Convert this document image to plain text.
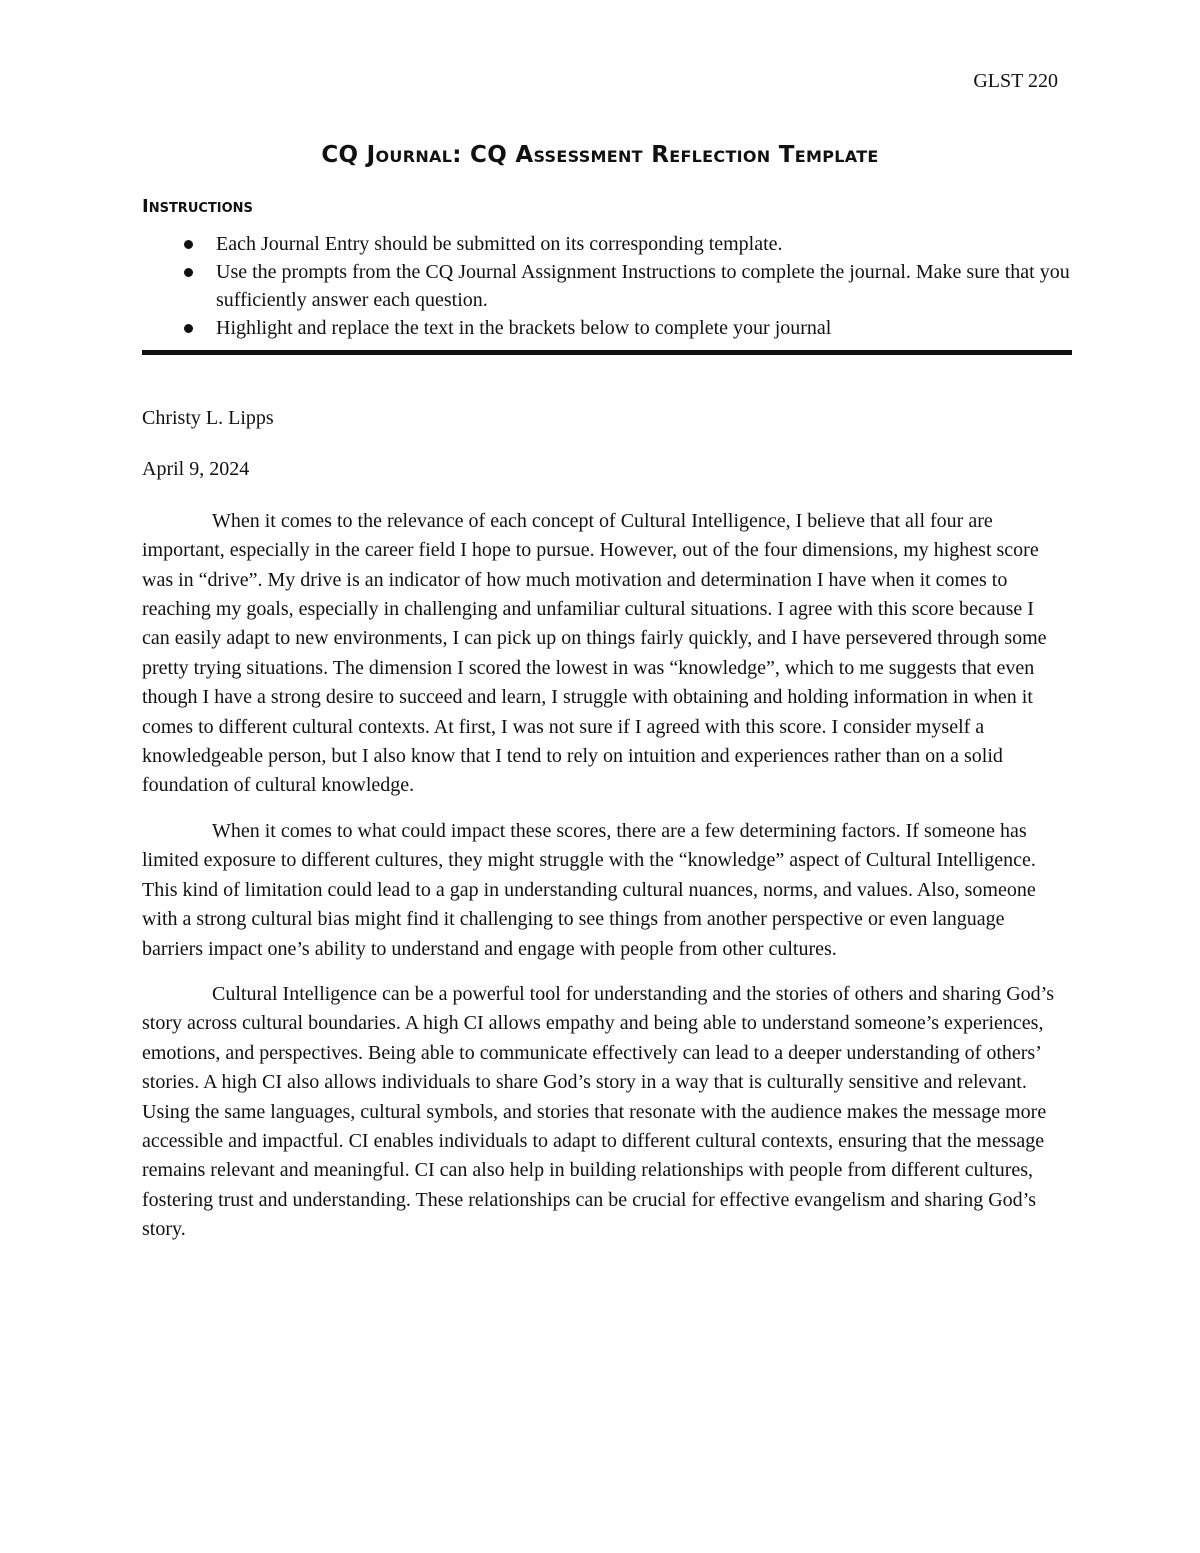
GLST 220
CQ Journal: CQ Assessment Reflection Template
Instructions
Each Journal Entry should be submitted on its corresponding template.
Use the prompts from the CQ Journal Assignment Instructions to complete the journal. Make sure that you sufficiently answer each question.
Highlight and replace the text in the brackets below to complete your journal

Christy L. Lipps

April 9, 2024

When it comes to the relevance of each concept of Cultural Intelligence, I believe that all four are important, especially in the career field I hope to pursue. However, out of the four dimensions, my highest score was in “drive”. My drive is an indicator of how much motivation and determination I have when it comes to reaching my goals, especially in challenging and unfamiliar cultural situations. I agree with this score because I can easily adapt to new environments, I can pick up on things fairly quickly, and I have persevered through some pretty trying situations. The dimension I scored the lowest in was “knowledge”, which to me suggests that even though I have a strong desire to succeed and learn, I struggle with obtaining and holding information in when it comes to different cultural contexts. At first, I was not sure if I agreed with this score. I consider myself a knowledgeable person, but I also know that I tend to rely on intuition and experiences rather than on a solid foundation of cultural knowledge.

When it comes to what could impact these scores, there are a few determining factors. If someone has limited exposure to different cultures, they might struggle with the “knowledge” aspect of Cultural Intelligence. This kind of limitation could lead to a gap in understanding cultural nuances, norms, and values. Also, someone with a strong cultural bias might find it challenging to see things from another perspective or even language barriers impact one’s ability to understand and engage with people from other cultures.

Cultural Intelligence can be a powerful tool for understanding and the stories of others and sharing God’s story across cultural boundaries. A high CI allows empathy and being able to understand someone’s experiences, emotions, and perspectives. Being able to communicate effectively can lead to a deeper understanding of others’ stories. A high CI also allows individuals to share God’s story in a way that is culturally sensitive and relevant. Using the same languages, cultural symbols, and stories that resonate with the audience makes the message more accessible and impactful. CI enables individuals to adapt to different cultural contexts, ensuring that the message remains relevant and meaningful. CI can also help in building relationships with people from different cultures, fostering trust and understanding. These relationships can be crucial for effective evangelism and sharing God’s story.
